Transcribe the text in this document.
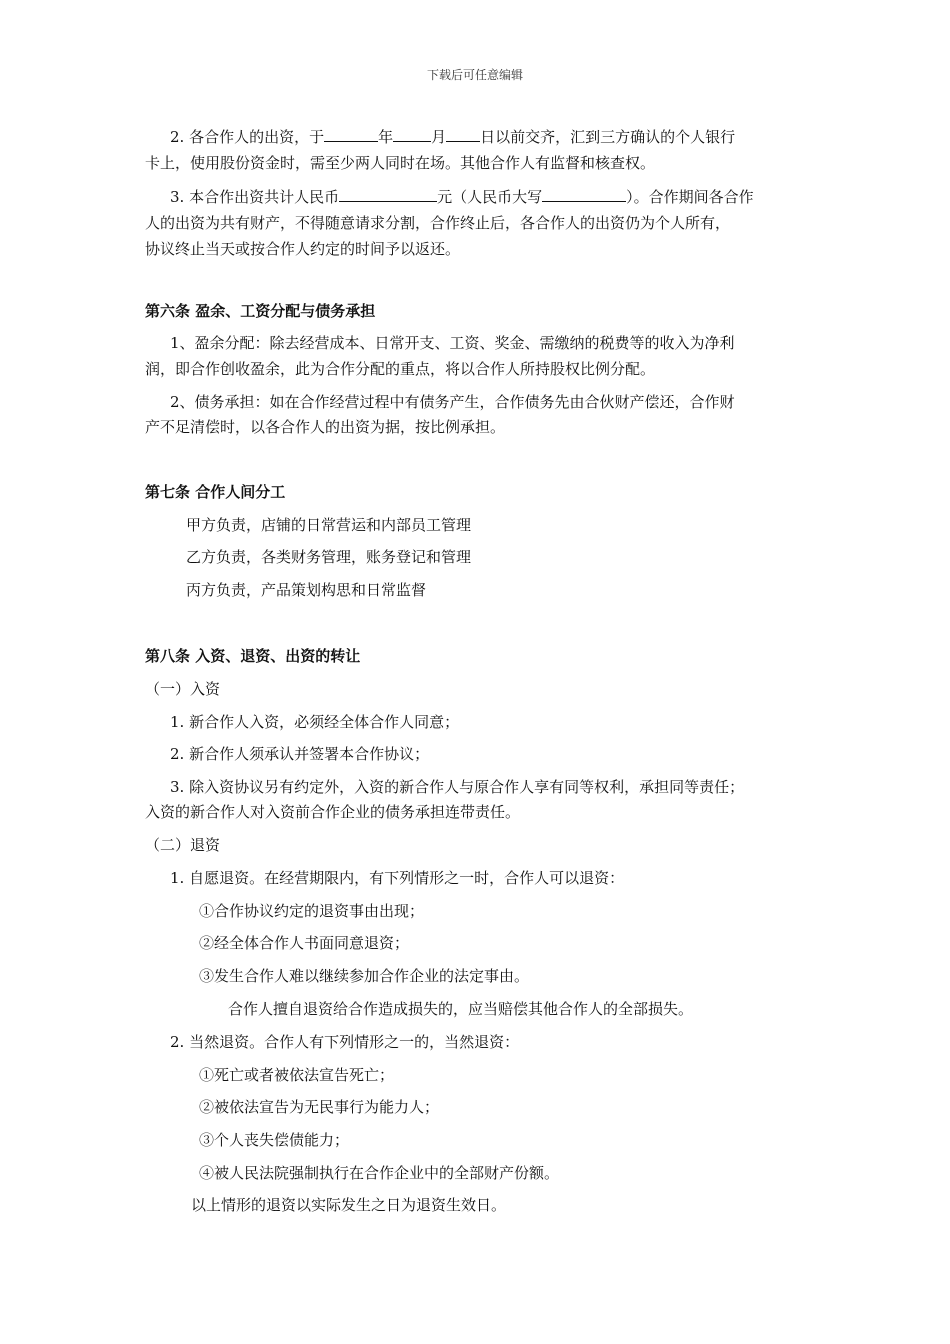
下载后可任意编辑
2. 各合作人的出资，于	年	月 日以前交齐，汇到三方确认的个人银行
卡上，使用股份资金时，需至少两人同时在场。其他合作人有监督和核查权。
3. 本合作出资共计人民币	元（人民币大写	）。合作期间各合作
人的出资为共有财产，不得随意请求分割，合作终止后，各合作人的出资仍为个人所有，
协议终止当天或按合作人约定的时间予以返还。
第六条 盈余、工资分配与债务承担
1、盈余分配：除去经营成本、日常开支、工资、奖金、需缴纳的税费等的收入为净利
润，即合作创收盈余，此为合作分配的重点，将以合作人所持股权比例分配。
2、债务承担：如在合作经营过程中有债务产生，合作债务先由合伙财产偿还，合作财
产不足清偿时，以各合作人的出资为据，按比例承担。
第七条 合作人间分工
甲方负责，店铺的日常营运和内部员工管理
乙方负责，各类财务管理，账务登记和管理
丙方负责，产品策划构思和日常监督
第八条 入资、退资、出资的转让
（一）入资
1. 新合作人入资，必须经全体合作人同意；
2. 新合作人须承认并签署本合作协议；
3. 除入资协议另有约定外，入资的新合作人与原合作人享有同等权利，承担同等责任；
入资的新合作人对入资前合作企业的债务承担连带责任。
（二）退资
1. 自愿退资。在经营期限内，有下列情形之一时，合作人可以退资：
①合作协议约定的退资事由出现；
②经全体合作人书面同意退资；
③发生合作人难以继续参加合作企业的法定事由。
合作人擅自退资给合作造成损失的，应当赔偿其他合作人的全部损失。
2. 当然退资。合作人有下列情形之一的，当然退资：
①死亡或者被依法宣告死亡；
②被依法宣告为无民事行为能力人；
③个人丧失偿债能力；
④被人民法院强制执行在合作企业中的全部财产份额。
以上情形的退资以实际发生之日为退资生效日。
